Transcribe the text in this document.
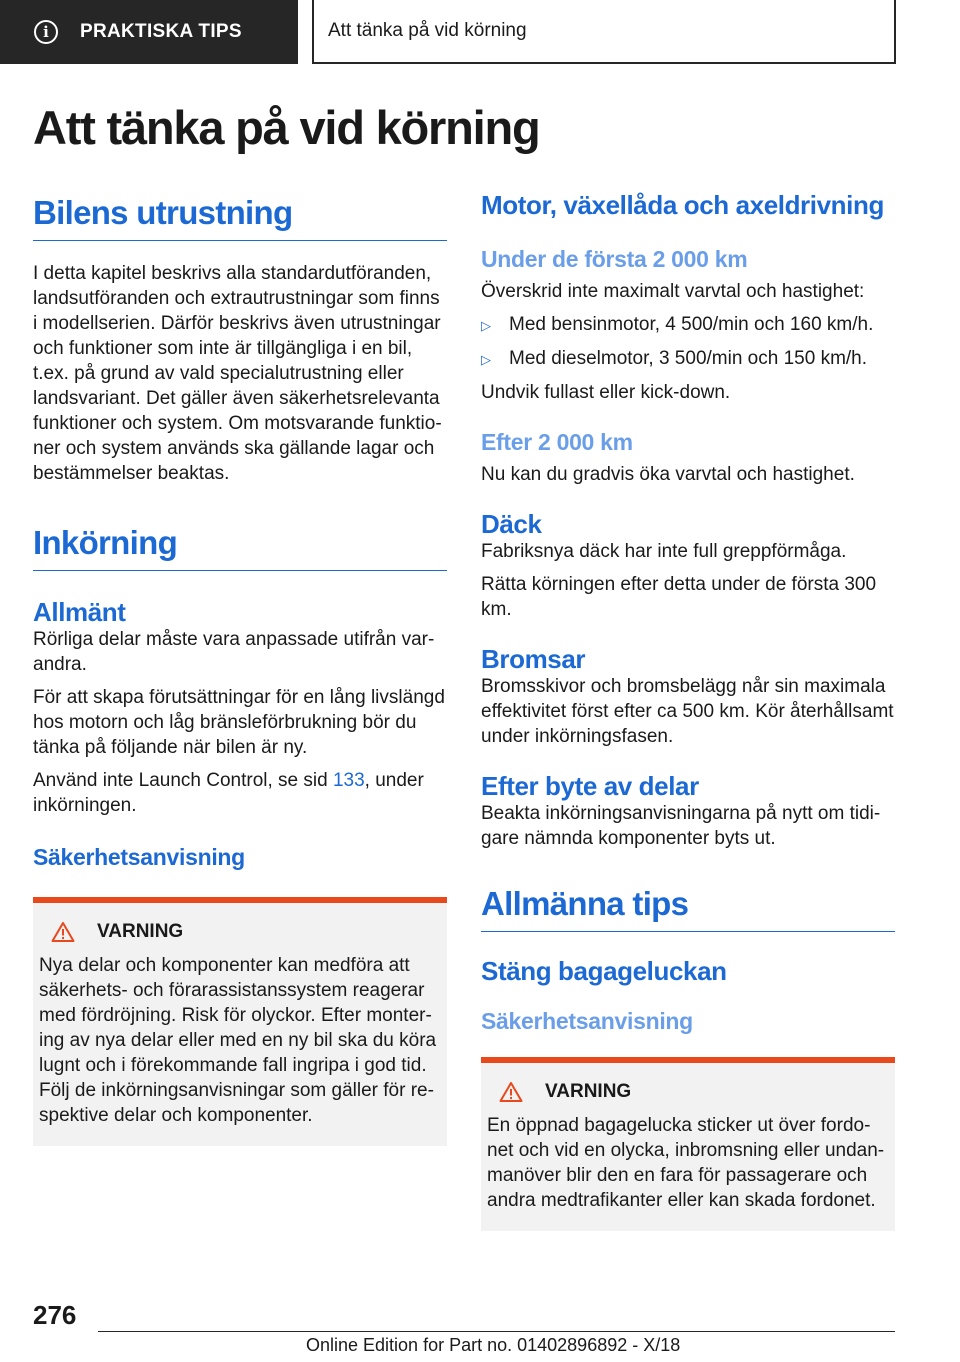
i	PRAKTISKA TIPS	Att tänka på vid körning
Att tänka på vid körning
Bilens utrustning

I detta kapitel beskrivs alla standardutföranden, landsutföranden och extrautrustningar som finns i modellserien. Därför beskrivs även utrustningar och funktioner som inte är tillgängliga i en bil, t.ex. på grund av vald specialutrustning eller landsvariant. Det gäller även säkerhetsrelevanta funktioner och system. Om motsvarande funktioner och system används ska gällande lagar och bestämmelser beaktas.

Inkörning
Allmänt

Rörliga delar måste vara anpassade utifrån varandra.

För att skapa förutsättningar för en lång livslängd hos motorn och låg bränsleförbrukning bör du tänka på följande när bilen är ny.

Använd inte Launch Control, se sid 133, under inkörningen.

Säkerhetsanvisning
VARNING

Nya delar och komponenter kan medföra att säkerhets- och förarassistanssystem reagerar med fördröjning. Risk för olyckor. Efter montering av nya delar eller med en ny bil ska du köra lugnt och i förekommande fall ingripa i god tid. Följ de inkörningsanvisningar som gäller för respektive delar och komponenter.

Motor, växellåda och axeldrivning
Under de första 2 000 km

Överskrid inte maximalt varvtal och hastighet:

▷ Med bensinmotor, 4 500/min och 160 km/h.
▷ Med dieselmotor, 3 500/min och 150 km/h.

Undvik fullast eller kick-down.

Efter 2 000 km

Nu kan du gradvis öka varvtal och hastighet.

Däck

Fabriksnya däck har inte full greppförmåga.

Rätta körningen efter detta under de första 300 km.

Bromsar

Bromsskivor och bromsbelägg når sin maximala effektivitet först efter ca 500 km. Kör återhållsamt under inkörningsfasen.

Efter byte av delar

Beakta inkörningsanvisningarna på nytt om tidigare nämnda komponenter byts ut.

Allmänna tips
Stäng bagageluckan
Säkerhetsanvisning
VARNING

En öppnad bagagelucka sticker ut över fordonet och vid en olycka, inbromsning eller undanmanöver blir den en fara för passagerare och andra medtrafikanter eller kan skada fordonet.

276
Online Edition for Part no. 01402896892 - X/18
